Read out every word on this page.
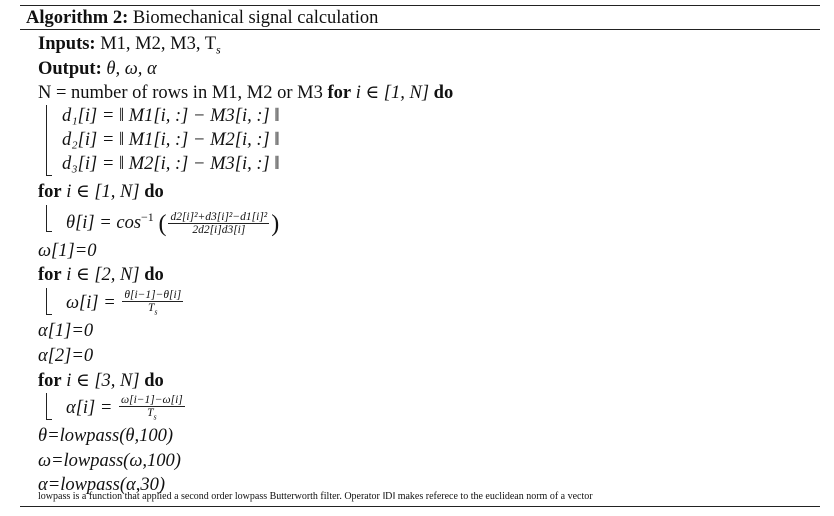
Algorithm 2: Biomechanical signal calculation
Inputs: M1, M2, M3, $T_s$
Output: θ, ω, α
N = number of rows in M1, M2 or M3 for i ∈ [1, N] do
d₁[i] = ‖ M1[i, :] − M3[i, :] ‖
d₂[i] = ‖ M1[i, :] − M2[i, :] ‖
d₃[i] = ‖ M2[i, :] − M3[i, :] ‖
for i ∈ [1, N] do
$\theta[i] = \cos^{-1}$ ( $\frac{\text{d2[i]²+d3[i]²−d1[i]²}}{2d2[i]d3[i]}$ )
ω[1]=0
for i ∈ [2, N] do
$\omega[i] = \frac{\theta[i-1]-\theta[i]}{T_s}$
α[1]=0
α[2]=0
for i ∈ [3, N] do
$\alpha[i] = \frac{\omega[i-1]-\omega[i]}{T_s}$
θ=lowpass(θ,100)
ω=lowpass(ω,100)
α=lowpass(α,30)
lowpass is a function that applied a second order lowpass Butterworth filter. Operator ‖D‖ makes referece to the euclidean norm of a vector
